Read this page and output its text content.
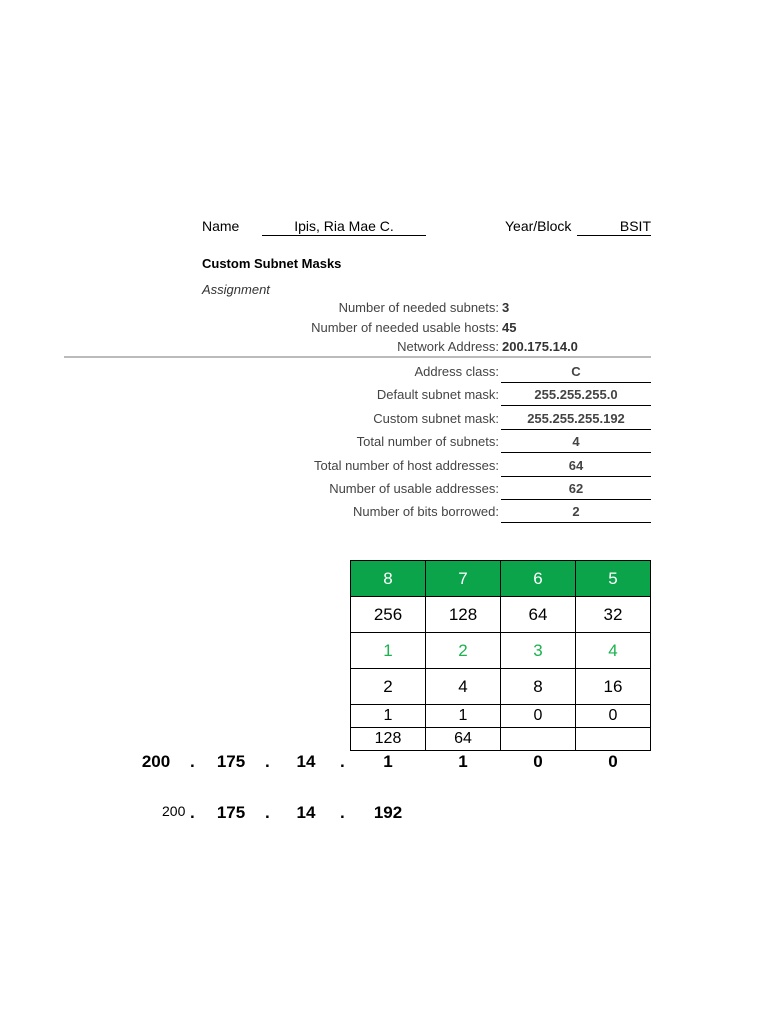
Name	Ipis, Ria Mae C.	Year/Block	BSIT
Custom Subnet Masks
Assignment
Number of needed subnets: 3
Number of needed usable hosts: 45
Network Address: 200.175.14.0
Address class:	C
Default subnet mask:	255.255.255.0
Custom subnet mask:	255.255.255.192
Total number of subnets:	4
Total number of host addresses:	64
Number of usable addresses:	62
Number of bits borrowed:	2
8	7	6	5
256	128	64	32
1	2	3	4
2	4	8	16
1	1	0	0
128	64		
200	.	175	.	14	.	1	1	0	0
200 .	175	.	14	.	192
